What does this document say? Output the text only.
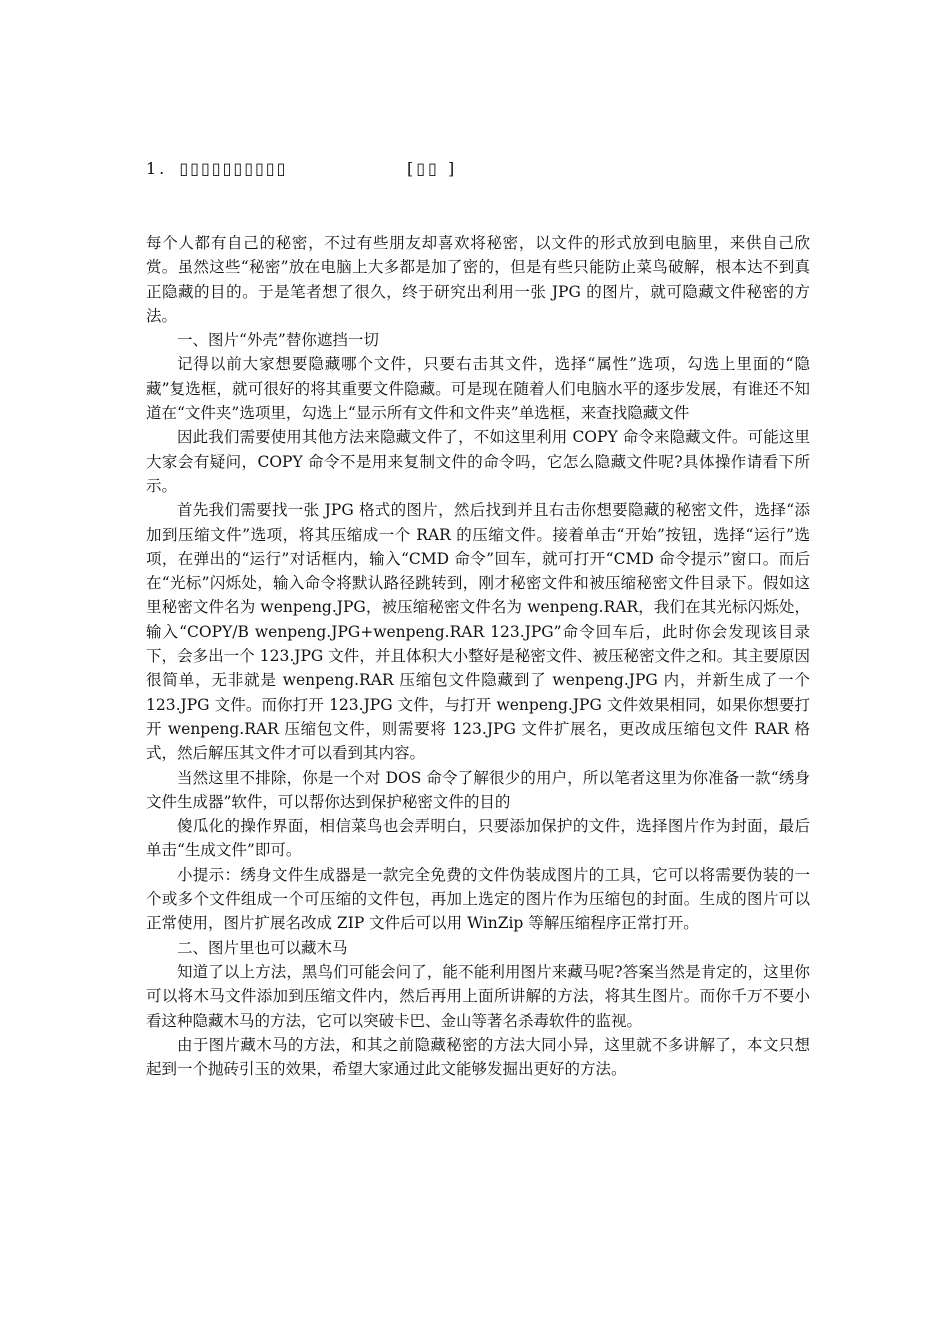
1. ▯▯▯▯▯▯▯▯▯▯	[▯▯ ]

每个人都有自己的秘密，不过有些朋友却喜欢将秘密，以文件的形式放到电脑里，来供自己欣赏。虽然这些“秘密”放在电脑上大多都是加了密的，但是有些只能防止菜鸟破解，根本达不到真正隐藏的目的。于是笔者想了很久，终于研究出利用一张 JPG 的图片，就可隐藏文件秘密的方法。

一、图片“外壳”替你遮挡一切

记得以前大家想要隐藏哪个文件，只要右击其文件，选择“属性”选项，勾选上里面的“隐藏”复选框，就可很好的将其重要文件隐藏。可是现在随着人们电脑水平的逐步发展，有谁还不知道在“文件夹”选项里，勾选上“显示所有文件和文件夹”单选框，来查找隐藏文件

因此我们需要使用其他方法来隐藏文件了，不如这里利用 COPY 命令来隐藏文件。可能这里大家会有疑问，COPY 命令不是用来复制文件的命令吗，它怎么隐藏文件呢?具体操作请看下所示。

首先我们需要找一张 JPG 格式的图片，然后找到并且右击你想要隐藏的秘密文件，选择“添加到压缩文件”选项，将其压缩成一个 RAR 的压缩文件。接着单击“开始”按钮，选择“运行”选项，在弹出的“运行”对话框内，输入“CMD 命令”回车，就可打开“CMD 命令提示”窗口。而后在“光标”闪烁处，输入命令将默认路径跳转到，刚才秘密文件和被压缩秘密文件目录下。假如这里秘密文件名为 wenpeng.JPG，被压缩秘密文件名为 wenpeng.RAR，我们在其光标闪烁处，输入“COPY/B wenpeng.JPG+wenpeng.RAR 123.JPG”命令回车后，此时你会发现该目录下，会多出一个 123.JPG 文件，并且体积大小整好是秘密文件、被压秘密文件之和。其主要原因很简单，无非就是 wenpeng.RAR 压缩包文件隐藏到了 wenpeng.JPG 内，并新生成了一个 123.JPG 文件。而你打开 123.JPG 文件，与打开 wenpeng.JPG 文件效果相同，如果你想要打开 wenpeng.RAR 压缩包文件，则需要将 123.JPG 文件扩展名，更改成压缩包文件 RAR 格式，然后解压其文件才可以看到其内容。

当然这里不排除，你是一个对 DOS 命令了解很少的用户，所以笔者这里为你准备一款“绣身文件生成器”软件，可以帮你达到保护秘密文件的目的

傻瓜化的操作界面，相信菜鸟也会弄明白，只要添加保护的文件，选择图片作为封面，最后单击“生成文件”即可。

小提示：绣身文件生成器是一款完全免费的文件伪装成图片的工具，它可以将需要伪装的一个或多个文件组成一个可压缩的文件包，再加上选定的图片作为压缩包的封面。生成的图片可以正常使用，图片扩展名改成 ZIP 文件后可以用 WinZip 等解压缩程序正常打开。

二、图片里也可以藏木马

知道了以上方法，黑鸟们可能会问了，能不能利用图片来藏马呢?答案当然是肯定的，这里你可以将木马文件添加到压缩文件内，然后再用上面所讲解的方法，将其生图片。而你千万不要小看这种隐藏木马的方法，它可以突破卡巴、金山等著名杀毒软件的监视。

由于图片藏木马的方法，和其之前隐藏秘密的方法大同小异，这里就不多讲解了，本文只想起到一个抛砖引玉的效果，希望大家通过此文能够发掘出更好的方法。
